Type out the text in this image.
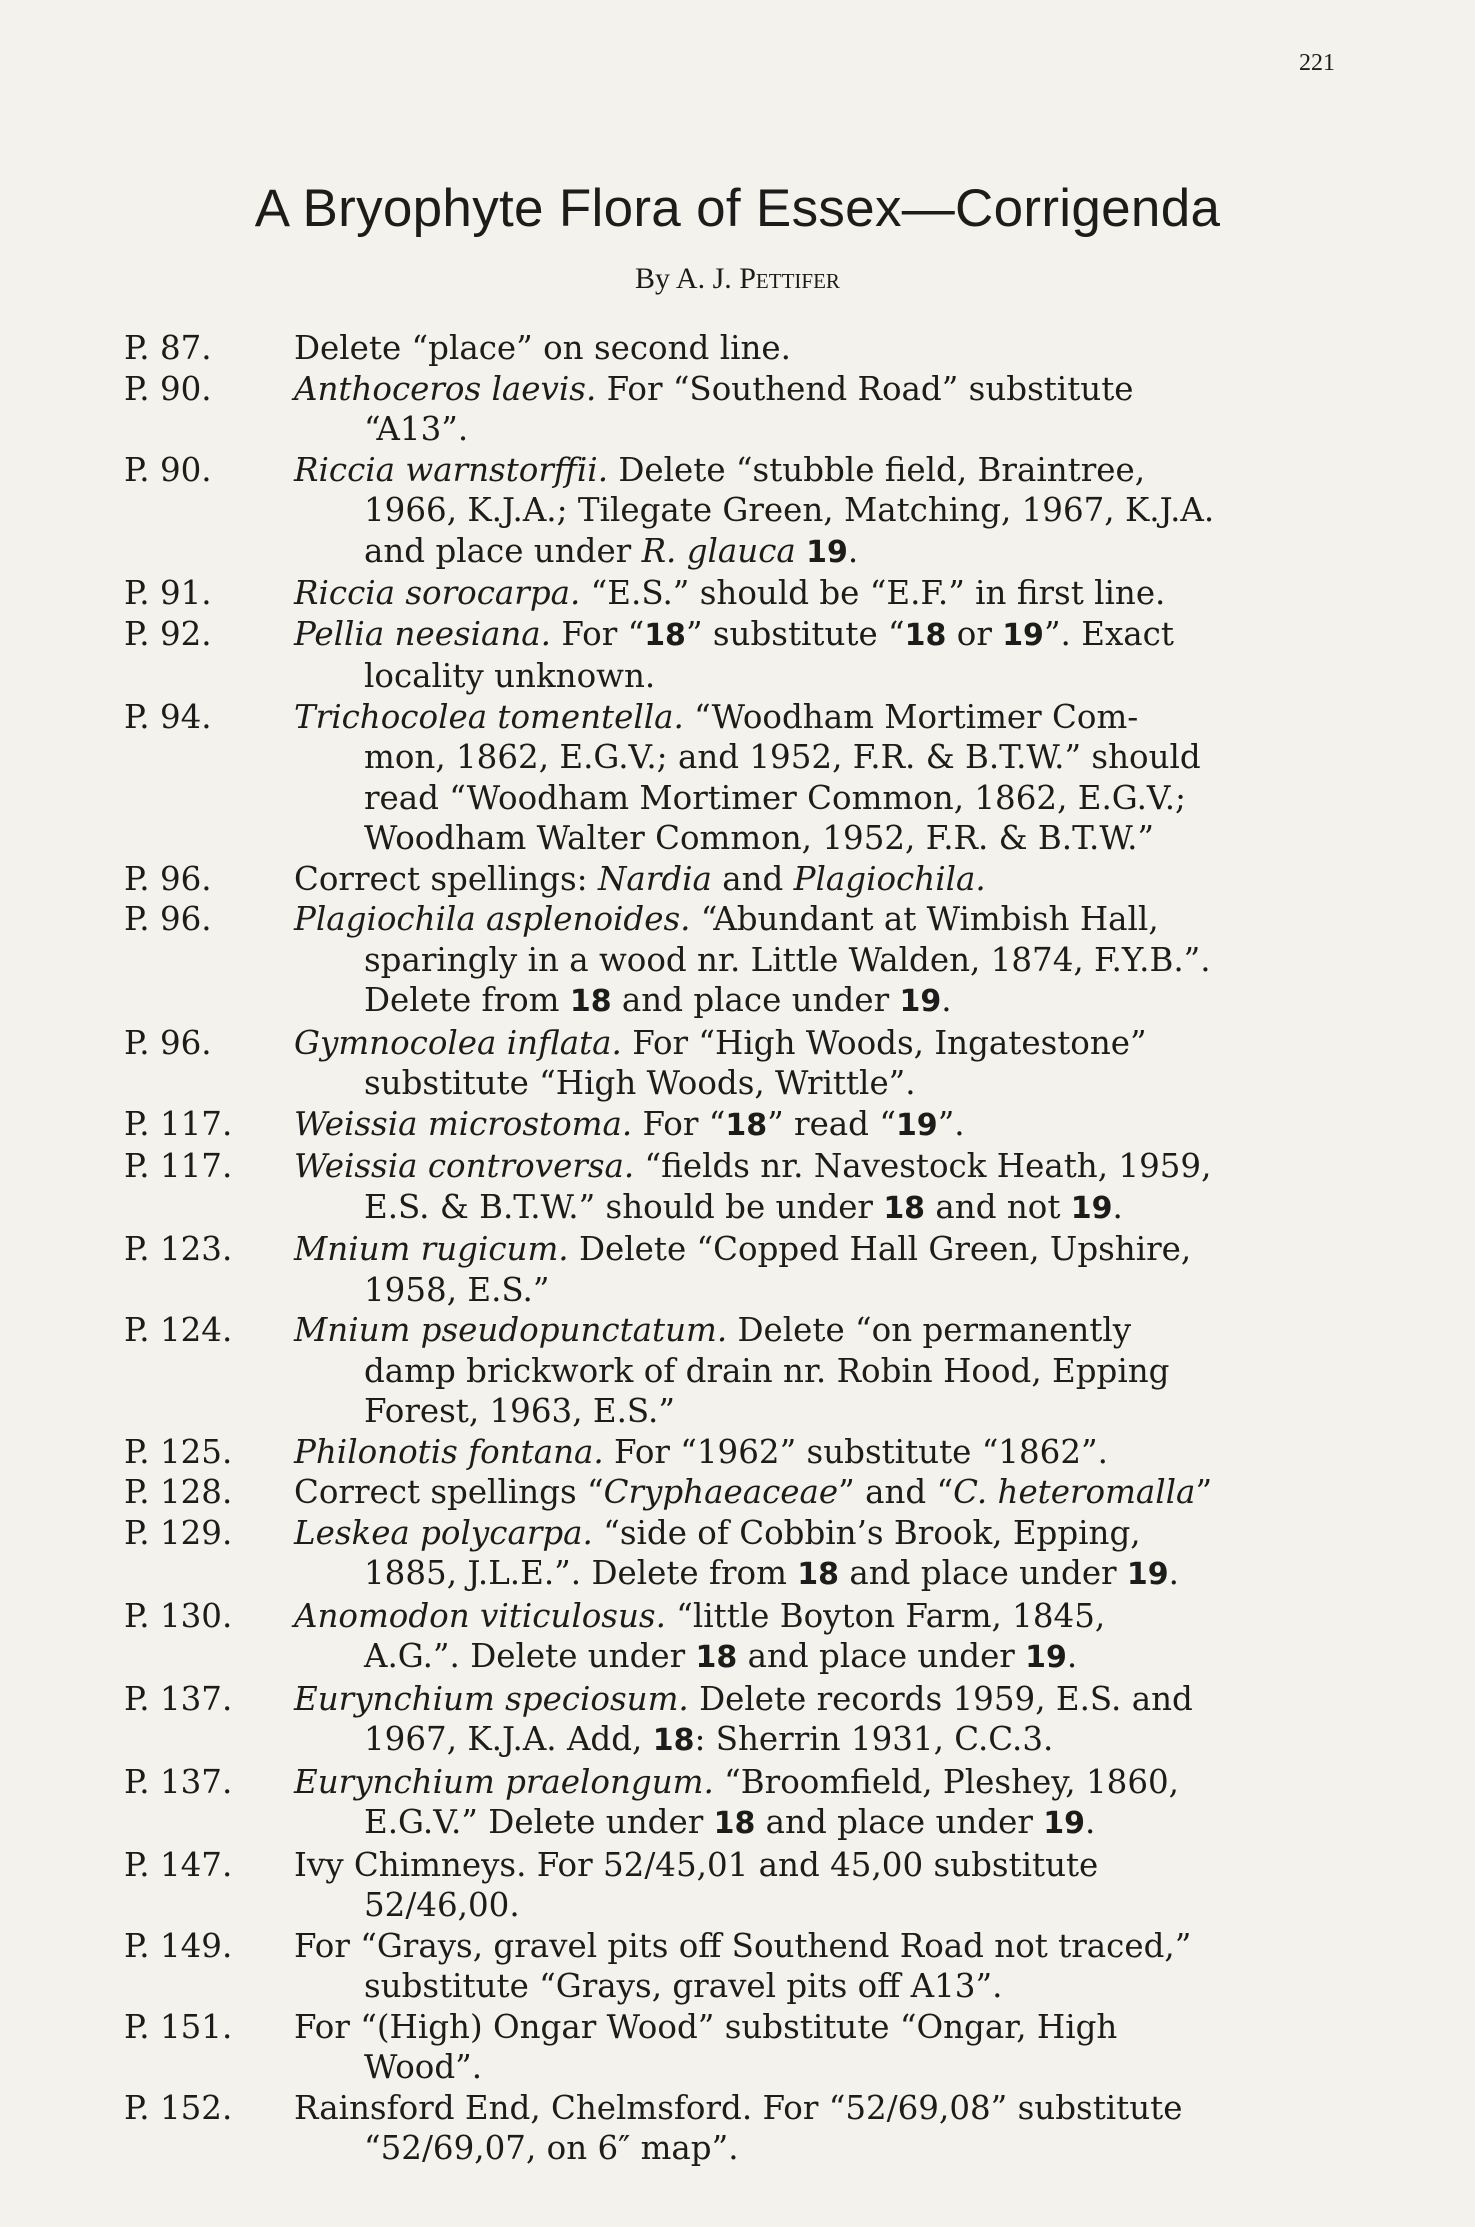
221
A Bryophyte Flora of Essex—Corrigenda
By A. J. Pettifer
P. 87.	Delete “place” on second line.
P. 90.	Anthoceros laevis. For “Southend Road” substitute
“A13”.
P. 90.	Riccia warnstorffii. Delete “stubble field, Braintree,
1966, K.J.A.; Tilegate Green, Matching, 1967, K.J.A.
and place under R. glauca 19.
P. 91.	Riccia sorocarpa. “E.S.” should be “E.F.” in first line.
P. 92.	Pellia neesiana. For “18” substitute “18 or 19”. Exact
locality unknown.
P. 94.	Trichocolea tomentella. “Woodham Mortimer Com-
mon, 1862, E.G.V.; and 1952, F.R. & B.T.W.” should
read “Woodham Mortimer Common, 1862, E.G.V.;
Woodham Walter Common, 1952, F.R. & B.T.W.”
P. 96.	Correct spellings: Nardia and Plagiochila.
P. 96.	Plagiochila asplenoides. “Abundant at Wimbish Hall,
sparingly in a wood nr. Little Walden, 1874, F.Y.B.”.
Delete from 18 and place under 19.
P. 96.	Gymnocolea inflata. For “High Woods, Ingatestone”
substitute “High Woods, Writtle”.
P. 117.	Weissia microstoma. For “18” read “19”.
P. 117.	Weissia controversa. “fields nr. Navestock Heath, 1959,
E.S. & B.T.W.” should be under 18 and not 19.
P. 123.	Mnium rugicum. Delete “Copped Hall Green, Upshire,
1958, E.S.”
P. 124.	Mnium pseudopunctatum. Delete “on permanently
damp brickwork of drain nr. Robin Hood, Epping
Forest, 1963, E.S.”
P. 125.	Philonotis fontana. For “1962” substitute “1862”.
P. 128.	Correct spellings “Cryphaeaceae” and “C. heteromalla”
P. 129.	Leskea polycarpa. “side of Cobbin’s Brook, Epping,
1885, J.L.E.”. Delete from 18 and place under 19.
P. 130.	Anomodon viticulosus. “little Boyton Farm, 1845,
A.G.”. Delete under 18 and place under 19.
P. 137.	Eurynchium speciosum. Delete records 1959, E.S. and
1967, K.J.A. Add, 18: Sherrin 1931, C.C.3.
P. 137.	Eurynchium praelongum. “Broomfield, Pleshey, 1860,
E.G.V.” Delete under 18 and place under 19.
P. 147.	Ivy Chimneys. For 52/45,01 and 45,00 substitute
52/46,00.
P. 149.	For “Grays, gravel pits off Southend Road not traced,”
substitute “Grays, gravel pits off A13”.
P. 151.	For “(High) Ongar Wood” substitute “Ongar, High
Wood”.
P. 152.	Rainsford End, Chelmsford. For “52/69,08” substitute
“52/69,07, on 6″ map”.
